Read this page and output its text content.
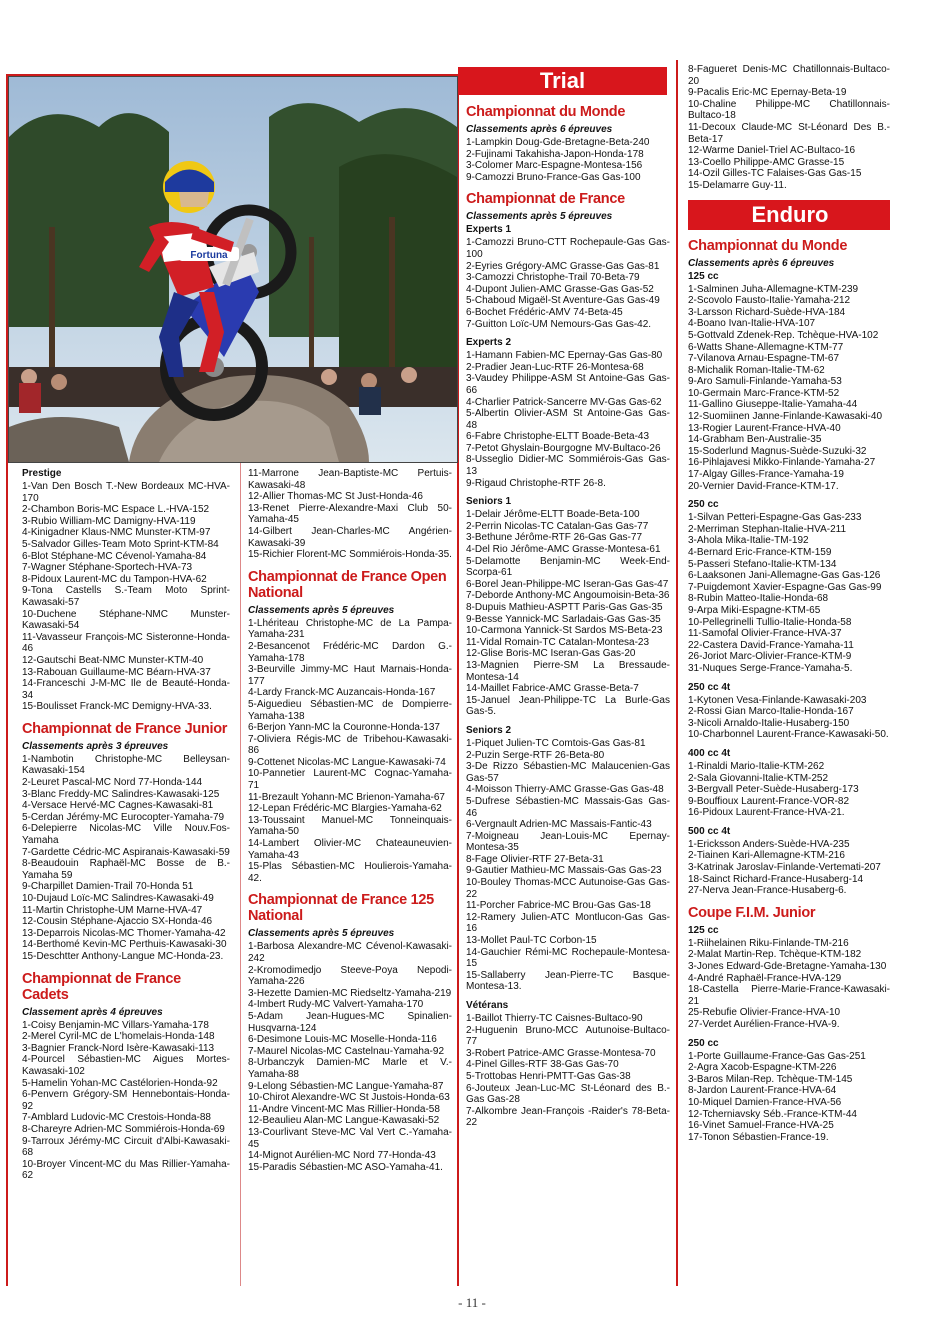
Fortuna
Trial
Prestige
1-Van Den Bosch T.-New Bordeaux MC-HVA-170
2-Chambon Boris-MC Espace L.-HVA-152
3-Rubio William-MC Damigny-HVA-119
4-Kinigadner Klaus-NMC Munster-KTM-97
5-Salvador Gilles-Team Moto Sprint-KTM-84
6-Blot Stéphane-MC Cévenol-Yamaha-84
7-Wagner Stéphane-Sportech-HVA-73
8-Pidoux Laurent-MC du Tampon-HVA-62
9-Tona Castells S.-Team Moto Sprint-Kawasaki-57
10-Duchene Stéphane-NMC Munster-Kawasaki-54
11-Vavasseur François-MC Sisteronne-Honda-46
12-Gautschi Beat-NMC Munster-KTM-40
13-Rabouan Guillaume-MC Béarn-HVA-37
14-Franceschi J-M-MC Ile de Beauté-Honda-34
15-Boulisset Franck-MC Demigny-HVA-33.
Championnat de France Junior
Classements après 3 épreuves
1-Nambotin Christophe-MC Belleysan-Kawasaki-154
2-Leuret Pascal-MC Nord 77-Honda-144
3-Blanc Freddy-MC Salindres-Kawasaki-125
4-Versace Hervé-MC Cagnes-Kawasaki-81
5-Cerdan Jérémy-MC Eurocopter-Yamaha-79
6-Delepierre Nicolas-MC Ville Nouv.Fos-Yamaha
7-Gardette Cédric-MC Aspiranais-Kawasaki-59
8-Beaudouin Raphaël-MC Bosse de B.-Yamaha 59
9-Charpillet Damien-Trail 70-Honda 51
10-Dujaud Loïc-MC Salindres-Kawasaki-49
11-Martin Christophe-UM Marne-HVA-47
12-Cousin Stéphane-Ajaccio SX-Honda-46
13-Deparrois Nicolas-MC Thomer-Yamaha-42
14-Berthomé Kevin-MC Perthuis-Kawasaki-30
15-Deschtter Anthony-Langue MC-Honda-23.
Championnat de France Cadets
Classement après 4 épreuves
1-Coisy Benjamin-MC Villars-Yamaha-178
2-Merel Cyril-MC de L'homelais-Honda-148
3-Bagnier Franck-Nord Isère-Kawasaki-113
4-Pourcel Sébastien-MC Aigues Mortes-Kawasaki-102
5-Hamelin Yohan-MC Castélorien-Honda-92
6-Penvern Grégory-SM Hennebontais-Honda-92
7-Amblard Ludovic-MC Crestois-Honda-88
8-Chareyre Adrien-MC Sommiérois-Honda-69
9-Tarroux Jérémy-MC Circuit d'Albi-Kawasaki-68
10-Broyer Vincent-MC du Mas Rillier-Yamaha-62
11-Marrone Jean-Baptiste-MC Pertuis-Kawasaki-48
12-Allier Thomas-MC St Just-Honda-46
13-Renet Pierre-Alexandre-Maxi Club 50-Yamaha-45
14-Gilbert Jean-Charles-MC Angérien-Kawasaki-39
15-Richier Florent-MC Sommiérois-Honda-35.
Championnat de France Open National
Classements après 5 épreuves
1-Lhériteau Christophe-MC de La Pampa-Yamaha-231
2-Besancenot Frédéric-MC Dardon G.-Yamaha-178
3-Beurville Jimmy-MC Haut Marnais-Honda-177
4-Lardy Franck-MC Auzancais-Honda-167
5-Aiguedieu Sébastien-MC de Dompierre-Yamaha-138
6-Berjon Yann-MC la Couronne-Honda-137
7-Oliviera Régis-MC de Tribehou-Kawasaki-86
9-Cottenet Nicolas-MC Langue-Kawasaki-74
10-Pannetier Laurent-MC Cognac-Yamaha-71
11-Brezault Yohann-MC Brienon-Yamaha-67
12-Lepan Frédéric-MC Blargies-Yamaha-62
13-Toussaint Manuel-MC Tonneinquais-Yamaha-50
14-Lambert Olivier-MC Chateauneuvien-Yamaha-43
15-Plas Sébastien-MC Houlierois-Yamaha-42.
Championnat de France 125 National
Classements après 5 épreuves
1-Barbosa Alexandre-MC Cévenol-Kawasaki-242
2-Kromodimedjo Steeve-Poya Nepodi-Yamaha-226
3-Hezette Damien-MC Riedseltz-Yamaha-219
4-Imbert Rudy-MC Valvert-Yamaha-170
5-Adam Jean-Hugues-MC Spinalien-Husqvarna-124
6-Desimone Louis-MC Moselle-Honda-116
7-Maurel Nicolas-MC Castelnau-Yamaha-92
8-Urbanczyk Damien-MC Marle et V.-Yamaha-88
9-Lelong Sébastien-MC Langue-Yamaha-87
10-Chirot Alexandre-WC St Justois-Honda-63
11-Andre Vincent-MC Mas Rillier-Honda-58
12-Beaulieu Alan-MC Langue-Kawasaki-52
13-Courlivant Steve-MC Val Vert C.-Yamaha-45
14-Mignot Aurélien-MC Nord 77-Honda-43
15-Paradis Sébastien-MC ASO-Yamaha-41.
Championnat du Monde
Classements après 6 épreuves
1-Lampkin Doug-Gde-Bretagne-Beta-240
2-Fujinami Takahisha-Japon-Honda-178
3-Colomer Marc-Espagne-Montesa-156
9-Camozzi Bruno-France-Gas Gas-100
Championnat de France
Classements après 5 épreuves
Experts 1
1-Camozzi Bruno-CTT Rochepaule-Gas Gas-100
2-Eyries Grégory-AMC Grasse-Gas Gas-81
3-Camozzi Christophe-Trail 70-Beta-79
4-Dupont Julien-AMC Grasse-Gas Gas-52
5-Chaboud Migaël-St Aventure-Gas Gas-49
6-Bochet Frédéric-AMV 74-Beta-45
7-Guitton Loïc-UM Nemours-Gas Gas-42.
Experts 2
1-Hamann Fabien-MC Epernay-Gas Gas-80
2-Pradier Jean-Luc-RTF 26-Montesa-68
3-Vaudey Philippe-ASM St Antoine-Gas Gas-66
4-Charlier Patrick-Sancerre MV-Gas Gas-62
5-Albertin Olivier-ASM St Antoine-Gas Gas-48
6-Fabre Christophe-ELTT Boade-Beta-43
7-Petot Ghyslain-Bourgogne MV-Bultaco-26
8-Usseglio Didier-MC Sommiérois-Gas Gas-13
9-Rigaud Christophe-RTF 26-8.
Seniors 1
1-Delair Jérôme-ELTT Boade-Beta-100
2-Perrin Nicolas-TC Catalan-Gas Gas-77
3-Bethune Jérôme-RTF 26-Gas Gas-77
4-Del Rio Jérôme-AMC Grasse-Montesa-61
5-Delamotte Benjamin-MC Week-End-Scorpa-61
6-Borel Jean-Philippe-MC Iseran-Gas Gas-47
7-Deborde Anthony-MC Angoumoisin-Beta-36
8-Dupuis Mathieu-ASPTT Paris-Gas Gas-35
9-Besse Yannick-MC Sarladais-Gas Gas-35
10-Carmona Yannick-St Sardos MS-Beta-23
11-Vidal Romain-TC Catalan-Montesa-23
12-Glise Boris-MC Iseran-Gas Gas-20
13-Magnien Pierre-SM La Bressaude-Montesa-14
14-Maillet Fabrice-AMC Grasse-Beta-7
15-Januel Jean-Philippe-TC La Burle-Gas Gas-5.
Seniors 2
1-Piquet Julien-TC Comtois-Gas Gas-81
2-Puzin Serge-RTF 26-Beta-80
3-De Rizzo Sébastien-MC Malaucenien-Gas Gas-57
4-Moisson Thierry-AMC Grasse-Gas Gas-48
5-Dufrese Sébastien-MC Massais-Gas Gas-46
6-Vergnault Adrien-MC Massais-Fantic-43
7-Moigneau Jean-Louis-MC Epernay-Montesa-35
8-Fage Olivier-RTF 27-Beta-31
9-Gautier Mathieu-MC Massais-Gas Gas-23
10-Bouley Thomas-MCC Autunoise-Gas Gas-22
11-Porcher Fabrice-MC Brou-Gas Gas-18
12-Ramery Julien-ATC Montlucon-Gas Gas-16
13-Mollet Paul-TC Corbon-15
14-Gauchier Rémi-MC Rochepaule-Montesa-15
15-Sallaberry Jean-Pierre-TC Basque-Montesa-13.
Vétérans
1-Baillot Thierry-TC Caisnes-Bultaco-90
2-Huguenin Bruno-MCC Autunoise-Bultaco-77
3-Robert Patrice-AMC Grasse-Montesa-70
4-Pinel Gilles-RTF 38-Gas Gas-70
5-Trottobas Henri-PMTT-Gas Gas-38
6-Jouteux Jean-Luc-MC St-Léonard des B.-Gas Gas-28
7-Alkombre Jean-François -Raider's 78-Beta-22
8-Fagueret Denis-MC Chatillonnais-Bultaco-20
9-Pacalis Eric-MC Epernay-Beta-19
10-Chaline Philippe-MC Chatillonnais-Bultaco-18
11-Decoux Claude-MC St-Léonard Des B.-Beta-17
12-Warme Daniel-Triel AC-Bultaco-16
13-Coello Philippe-AMC Grasse-15
14-Ozil Gilles-TC Falaises-Gas Gas-15
15-Delamarre Guy-11.
Enduro
Championnat du Monde
Classements après 6 épreuves
125 cc
1-Salminen Juha-Allemagne-KTM-239
2-Scovolo Fausto-Italie-Yamaha-212
3-Larsson Richard-Suède-HVA-184
4-Boano Ivan-Italie-HVA-107
5-Gottvald Zdenek-Rep. Tchèque-HVA-102
6-Watts Shane-Allemagne-KTM-77
7-Vilanova Arnau-Espagne-TM-67
8-Michalik Roman-Italie-TM-62
9-Aro Samuli-Finlande-Yamaha-53
10-Germain Marc-France-KTM-52
11-Gallino Giuseppe-Italie-Yamaha-44
12-Suomiinen Janne-Finlande-Kawasaki-40
13-Rogier Laurent-France-HVA-40
14-Grabham Ben-Australie-35
15-Soderlund Magnus-Suède-Suzuki-32
16-Pihlajavesi Mikko-Finlande-Yamaha-27
17-Algay Gilles-France-Yamaha-19
20-Vernier David-France-KTM-17.
250 cc
1-Silvan Petteri-Espagne-Gas Gas-233
2-Merriman Stephan-Italie-HVA-211
3-Ahola Mika-Italie-TM-192
4-Bernard Eric-France-KTM-159
5-Passeri Stefano-Italie-KTM-134
6-Laaksonen Jani-Allemagne-Gas Gas-126
7-Puigdemont Xavier-Espagne-Gas Gas-99
8-Rubin Matteo-Italie-Honda-68
9-Arpa Miki-Espagne-KTM-65
10-Pellegrinelli Tullio-Italie-Honda-58
11-Samofal Olivier-France-HVA-37
22-Castera David-France-Yamaha-11
26-Joriot Marc-Olivier-France-KTM-9
31-Nuques Serge-France-Yamaha-5.
250 cc 4t
1-Kytonen Vesa-Finlande-Kawasaki-203
2-Rossi Gian Marco-Italie-Honda-167
3-Nicoli Arnaldo-Italie-Husaberg-150
10-Charbonnel Laurent-France-Kawasaki-50.
400 cc 4t
1-Rinaldi Mario-Italie-KTM-262
2-Sala Giovanni-Italie-KTM-252
3-Bergvall Peter-Suède-Husaberg-173
9-Bouffioux Laurent-France-VOR-82
16-Pidoux Laurent-France-HVA-21.
500 cc 4t
1-Ericksson Anders-Suède-HVA-235
2-Tiainen Kari-Allemagne-KTM-216
3-Katrinak Jaroslav-Finlande-Vertemati-207
18-Sainct Richard-France-Husaberg-14
27-Nerva Jean-France-Husaberg-6.
Coupe F.I.M. Junior
125 cc
1-Riihelainen Riku-Finlande-TM-216
2-Malat Martin-Rep. Tchèque-KTM-182
3-Jones Edward-Gde-Bretagne-Yamaha-130
4-André Raphaël-France-HVA-129
18-Castella Pierre-Marie-France-Kawasaki-21
25-Rebufie Olivier-France-HVA-10
27-Verdet Aurélien-France-HVA-9.
250 cc
1-Porte Guillaume-France-Gas Gas-251
2-Agra Xacob-Espagne-KTM-226
3-Baros Milan-Rep. Tchèque-TM-145
8-Jardon Laurent-France-HVA-64
10-Miquel Damien-France-HVA-56
12-Tcherniavsky Séb.-France-KTM-44
16-Vinet Samuel-France-HVA-25
17-Tonon Sébastien-France-19.
- 11 -
